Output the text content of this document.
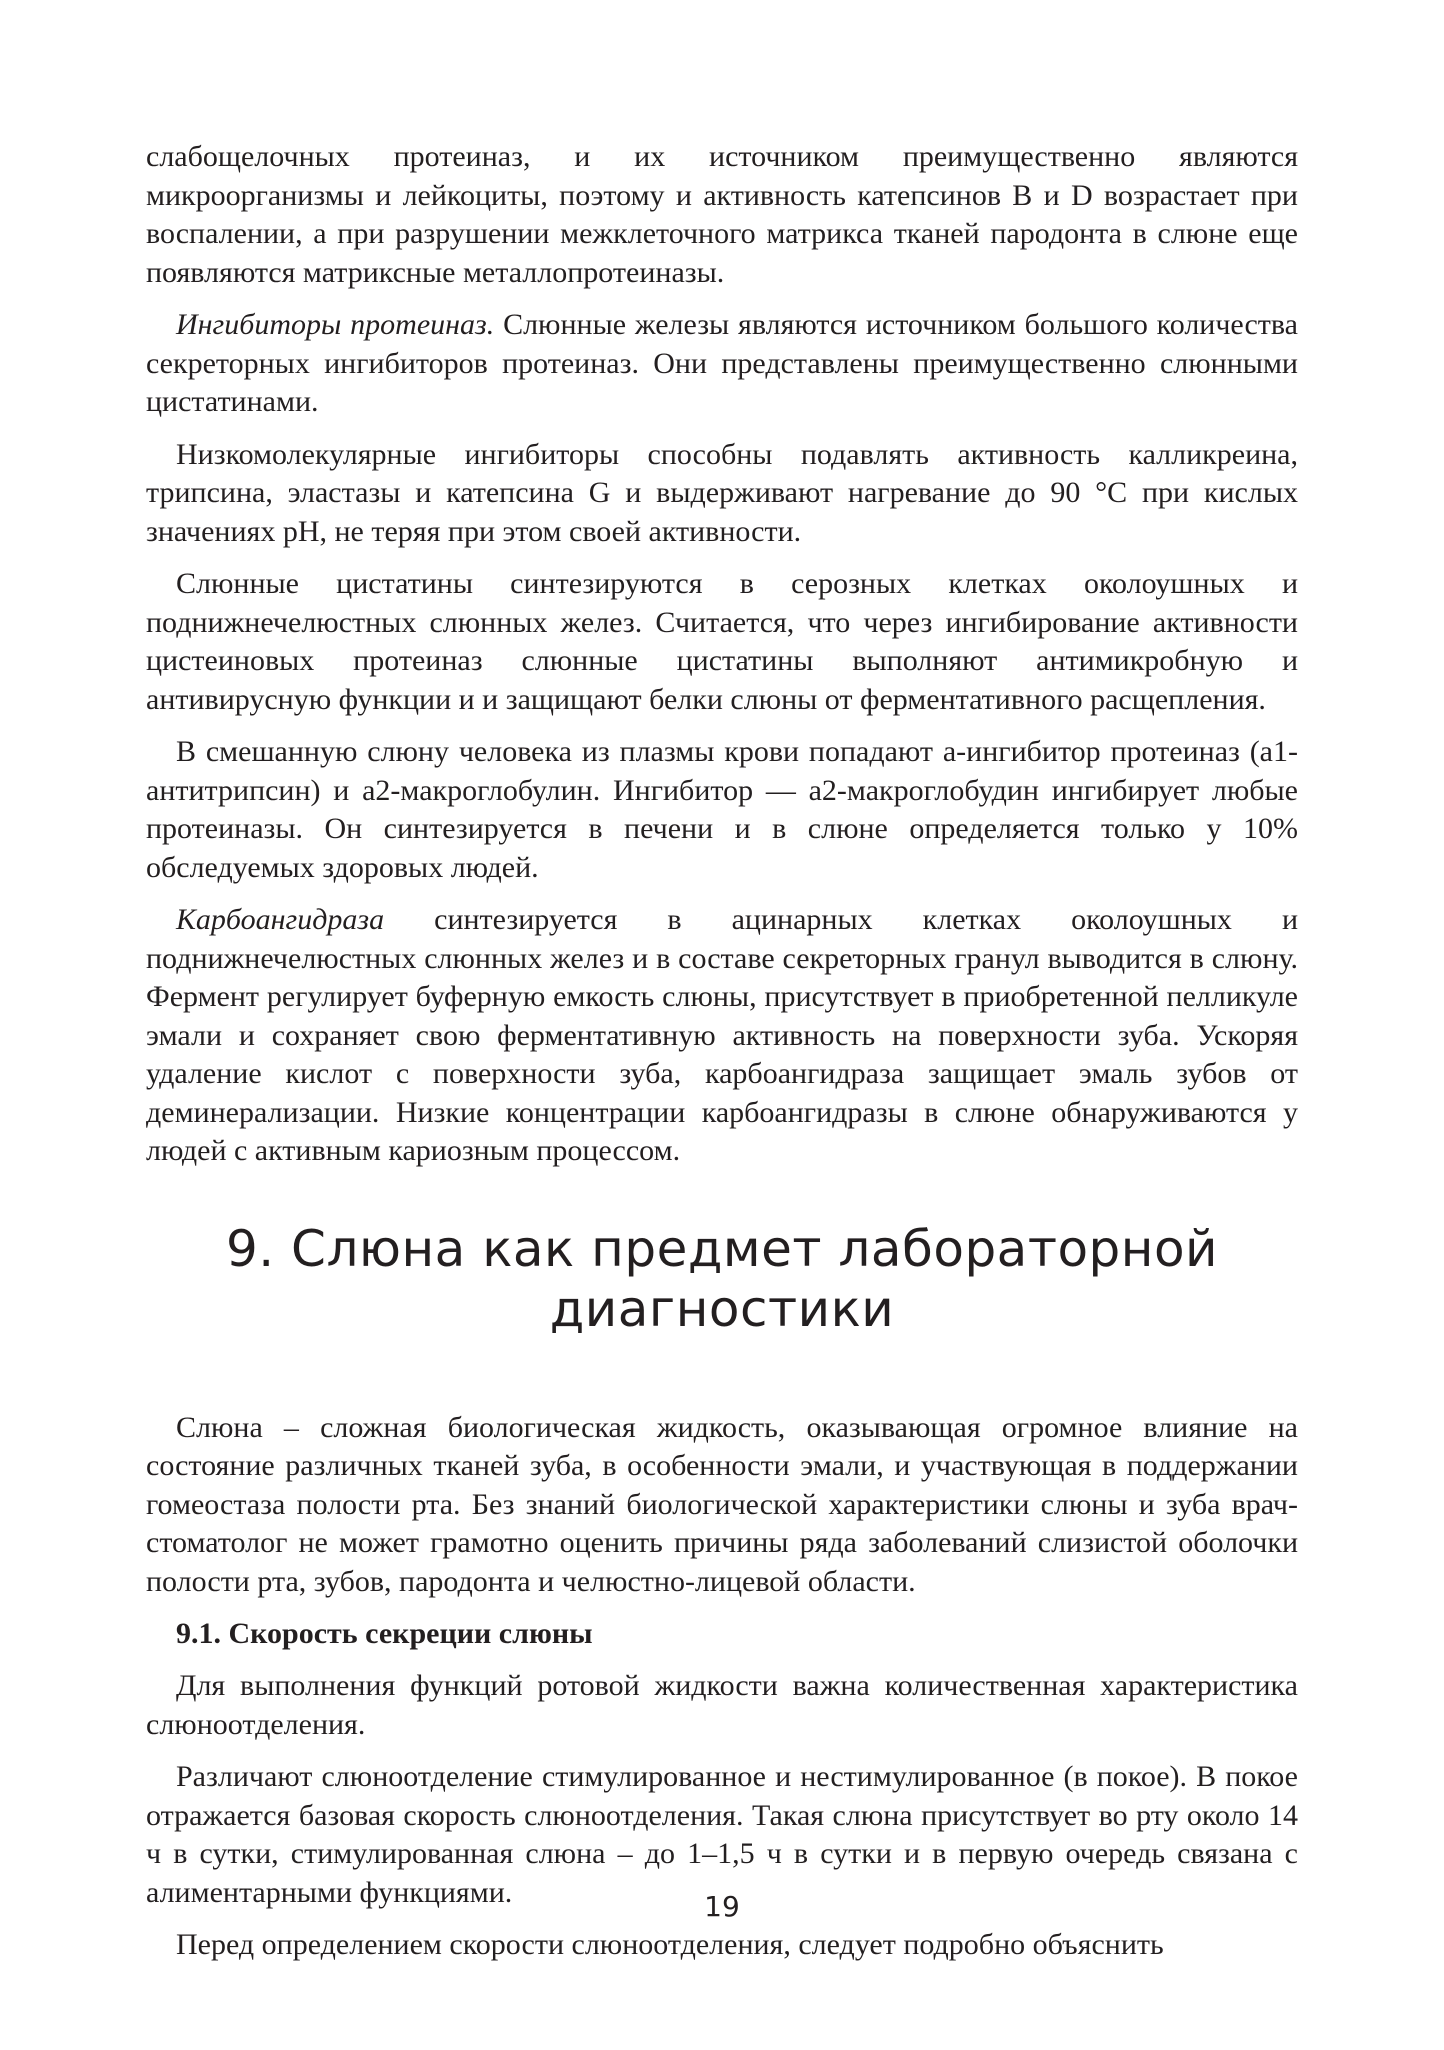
слабощелочных протеиназ, и их источником преимущественно являются микроорганизмы и лейкоциты, поэтому и активность катепсинов В и D возрастает при воспалении, а при разрушении межклеточного матрикса тканей пародонта в слюне еще появляются матриксные металлопротеиназы.

Ингибиторы протеиназ. Слюнные железы являются источником большого количества секреторных ингибиторов протеиназ. Они представлены преимущественно слюнными цистатинами.

Низкомолекулярные ингибиторы способны подавлять активность калликреина, трипсина, эластазы и катепсина G и выдерживают нагревание до 90 °С при кислых значениях pH, не теряя при этом своей активности.

Слюнные цистатины синтезируются в серозных клетках околоушных и поднижнечелюстных слюнных желез. Считается, что через ингибирование активности цистеиновых протеиназ слюнные цистатины выполняют антимикробную и антивирусную функции и и защищают белки слюны от ферментативного расщепления.

В смешанную слюну человека из плазмы крови попадают а-ингибитор протеиназ (а1-антитрипсин) и а2-макроглобулин. Ингибитор — а2-макроглобудин ингибирует любые протеиназы. Он синтезируется в печени и в слюне определяется только у 10% обследуемых здоровых людей.

Карбоангидраза синтезируется в ацинарных клетках околоушных и поднижнечелюстных слюнных желез и в составе секреторных гранул выводится в слюну. Фермент регулирует буферную емкость слюны, присутствует в приобретенной пелликуле эмали и сохраняет свою ферментативную активность на поверхности зуба. Ускоряя удаление кислот с поверхности зуба, карбоангидраза защищает эмаль зубов от деминерализации. Низкие концентрации карбоангидразы в слюне обнаруживаются у людей с активным кариозным процессом.

9. Слюна как предмет лабораторной
диагностики

Слюна – сложная биологическая жидкость, оказывающая огромное влияние на состояние различных тканей зуба, в особенности эмали, и участвующая в поддержании гомеостаза полости рта. Без знаний биологической характеристики слюны и зуба врач- стоматолог не может грамотно оценить причины ряда заболеваний слизистой оболочки полости рта, зубов, пародонта и челюстно-лицевой области.

9.1. Скорость секреции слюны

Для выполнения функций ротовой жидкости важна количественная характеристика слюноотделения.

Различают слюноотделение стимулированное и нестимулированное (в покое). В покое отражается базовая скорость слюноотделения. Такая слюна присутствует во рту около 14 ч в сутки, стимулированная слюна – до 1–1,5 ч в сутки и в первую очередь связана с алиментарными функциями.

Перед определением скорости слюноотделения, следует подробно объяснить

19
